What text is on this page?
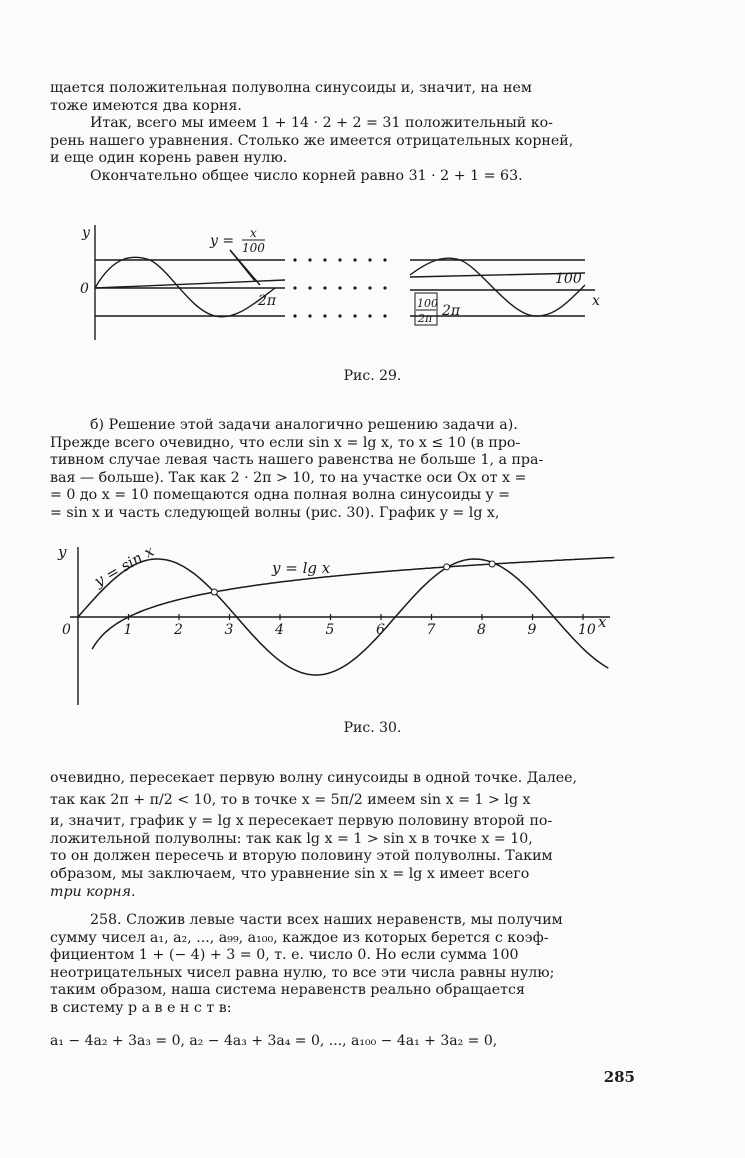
щается положительная полуволна синусоиды и, значит, на нем
тоже имеются два корня.
Итак, всего мы имеем 1 + 14 · 2 + 2 = 31 положительный ко-
рень нашего уравнения. Столько же имеется отрицательных корней,
и еще один корень равен нулю.
Окончательно общее число корней равно 31 · 2 + 1 = 63.
y
0
y = x
100
2π
100
100
2π 2π
x
Рис. 29.
б) Решение этой задачи аналогично решению задачи а).
Прежде всего очевидно, что если sin x = lg x, то x ≤ 10 (в про-
тивном случае левая часть нашего равенства не больше 1, а пра-
вая — больше). Так как 2 · 2π > 10, то на участке оси Ox от x =
= 0 до x = 10 помещаются одна полная волна синусоиды y =
= sin x и часть следующей волны (рис. 30). График y = lg x,
y y = sin x	y = lg x
x
0	1	2	3	4	5	6	7	8	9	10
Рис. 30.
очевидно, пересекает первую волну синусоиды в одной точке. Далее,
так как 2π + π/2 < 10, то в точке x = 5π/2 имеем sin x = 1 > lg x
и, значит, график y = lg x пересекает первую половину второй по-
ложительной полуволны: так как lg x = 1 > sin x в точке x = 10,
то он должен пересечь и вторую половину этой полуволны. Таким
образом, мы заключаем, что уравнение sin x = lg x имеет всего
три корня.
258. Сложив левые части всех наших неравенств, мы получим
сумму чисел a₁, a₂, ..., a₉₉, a₁₀₀, каждое из которых берется с коэф-
фициентом 1 + (− 4) + 3 = 0, т. е. число 0. Но если сумма 100
неотрицательных чисел равна нулю, то все эти числа равны нулю;
таким образом, наша система неравенств реально обращается
в систему р а в е н с т в:
a₁ − 4a₂ + 3a₃ = 0, a₂ − 4a₃ + 3a₄ = 0, ..., a₁₀₀ − 4a₁ + 3a₂ = 0,
285
